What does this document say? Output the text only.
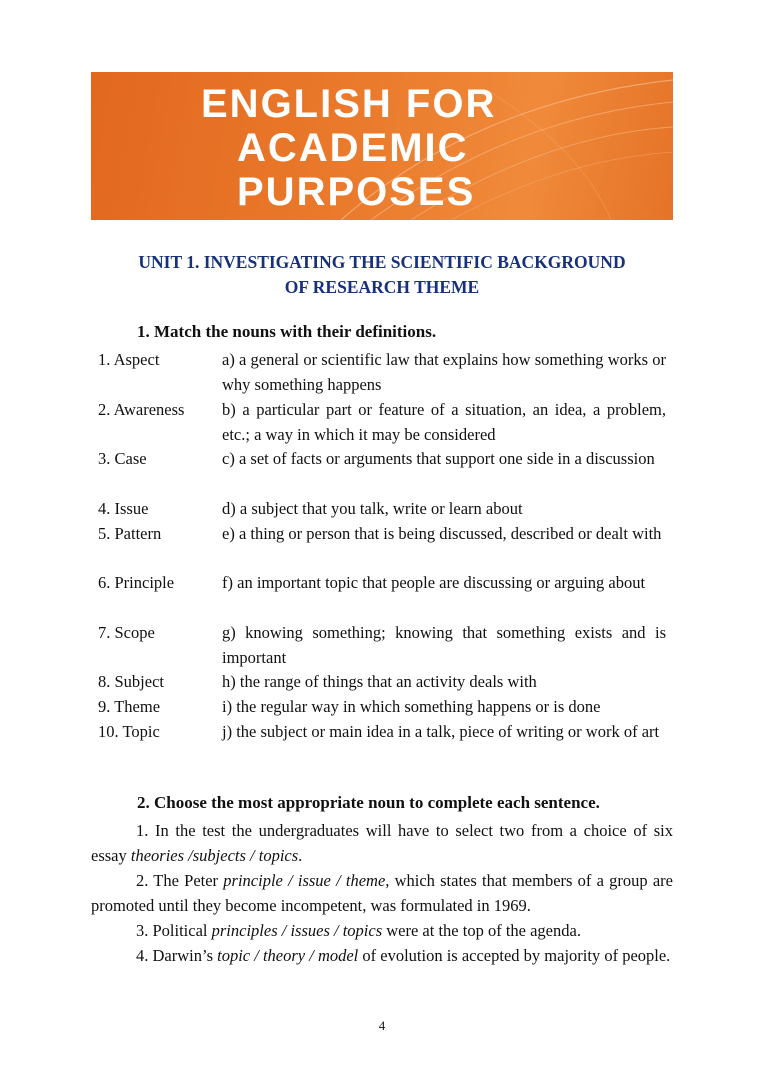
ENGLISH FOR
ACADEMIC
PURPOSES
UNIT 1. INVESTIGATING THE SCIENTIFIC BACKGROUND
OF RESEARCH THEME
1. Match the nouns with their definitions.
1. Aspect	a) a general or scientific law that explains how something works or why something happens
2. Awareness	b) a particular part or feature of a situation, an idea, a problem, etc.; a way in which it may be considered
3. Case	c) a set of facts or arguments that support one side in a discussion
4. Issue	d) a subject that you talk, write or learn about
5. Pattern	e) a thing or person that is being discussed, described or dealt with
6. Principle	f) an important topic that people are discussing or arguing about
7. Scope	g) knowing something; knowing that something exists and is important
8. Subject	h) the range of things that an activity deals with
9. Theme	i) the regular way in which something happens or is done
10. Topic	j) the subject or main idea in a talk, piece of writing or work of art
2. Choose the most appropriate noun to complete each sentence.
1. In the test the undergraduates will have to select two from a choice of six essay theories /subjects / topics.
2. The Peter principle / issue / theme, which states that members of a group are promoted until they become incompetent, was formulated in 1969.
3. Political principles / issues / topics were at the top of the agenda.
4. Darwin’s topic / theory / model of evolution is accepted by majority of people.
4
